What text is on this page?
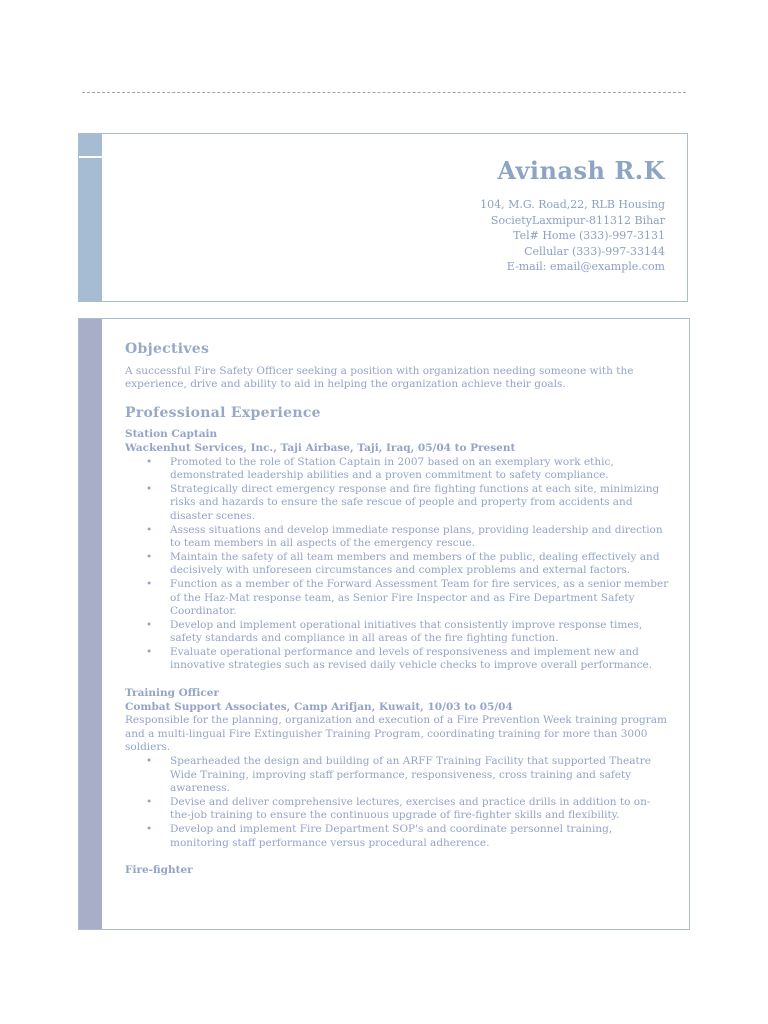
Avinash R.K
104, M.G. Road,22, RLB Housing
SocietyLaxmipur-811312 Bihar
Tel# Home (333)-997-3131
Cellular (333)-997-33144
E-mail: email@example.com
Objectives

A successful Fire Safety Officer seeking a position with organization needing someone with the experience, drive and ability to aid in helping the organization achieve their goals.

Professional Experience
Station Captain
Wackenhut Services, Inc., Taji Airbase, Taji, Iraq, 05/04 to Present
• Promoted to the role of Station Captain in 2007 based on an exemplary work ethic, demonstrated leadership abilities and a proven commitment to safety compliance.
• Strategically direct emergency response and fire fighting functions at each site, minimizing risks and hazards to ensure the safe rescue of people and property from accidents and disaster scenes.
• Assess situations and develop immediate response plans, providing leadership and direction to team members in all aspects of the emergency rescue.
• Maintain the safety of all team members and members of the public, dealing effectively and decisively with unforeseen circumstances and complex problems and external factors.
• Function as a member of the Forward Assessment Team for fire services, as a senior member of the Haz-Mat response team, as Senior Fire Inspector and as Fire Department Safety Coordinator.
• Develop and implement operational initiatives that consistently improve response times, safety standards and compliance in all areas of the fire fighting function.
• Evaluate operational performance and levels of responsiveness and implement new and innovative strategies such as revised daily vehicle checks to improve overall performance.
Training Officer
Combat Support Associates, Camp Arifjan, Kuwait, 10/03 to 05/04

Responsible for the planning, organization and execution of a Fire Prevention Week training program and a multi-lingual Fire Extinguisher Training Program, coordinating training for more than 3000 soldiers.

• Spearheaded the design and building of an ARFF Training Facility that supported Theatre Wide Training, improving staff performance, responsiveness, cross training and safety awareness.
• Devise and deliver comprehensive lectures, exercises and practice drills in addition to on-the-job training to ensure the continuous upgrade of fire-fighter skills and flexibility.
• Develop and implement Fire Department SOP's and coordinate personnel training, monitoring staff performance versus procedural adherence.
Fire-fighter
